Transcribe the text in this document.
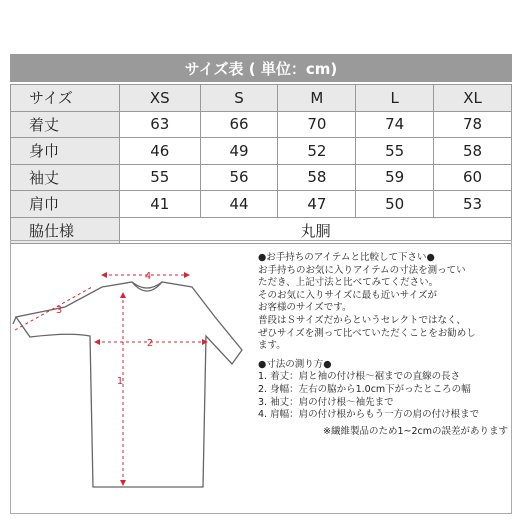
サイズ表 ( 単位：cm)
サイズ	XS	S	M	L	XL
着丈	63	66	70	74	78
身巾	46	49	52	55	58
袖丈	55	56	58	59	60
肩巾	41	44	47	50	53
脇仕様	丸胴				
1
2
3
4
●お手持ちのアイテムと比較して下さい●
お手持ちのお気に入りアイテムの寸法を測ってい
ただき、上記寸法と比べてみてください。
そのお気に入りサイズに最も近いサイズが
お客様のサイズです。
普段はＳサイズだからというセレクトではなく、
ぜひサイズを測って比べていただくことをお勧めし
ます。
●寸法の測り方●
1. 着丈：肩と袖の付け根～裾までの直線の長さ
2. 身幅：左右の脇から1.0cm下がったところの幅
3. 袖丈：肩の付け根～袖先まで
4. 肩幅：肩の付け根からもう一方の肩の付け根まで
※繊維製品のため1~2cmの誤差があります
